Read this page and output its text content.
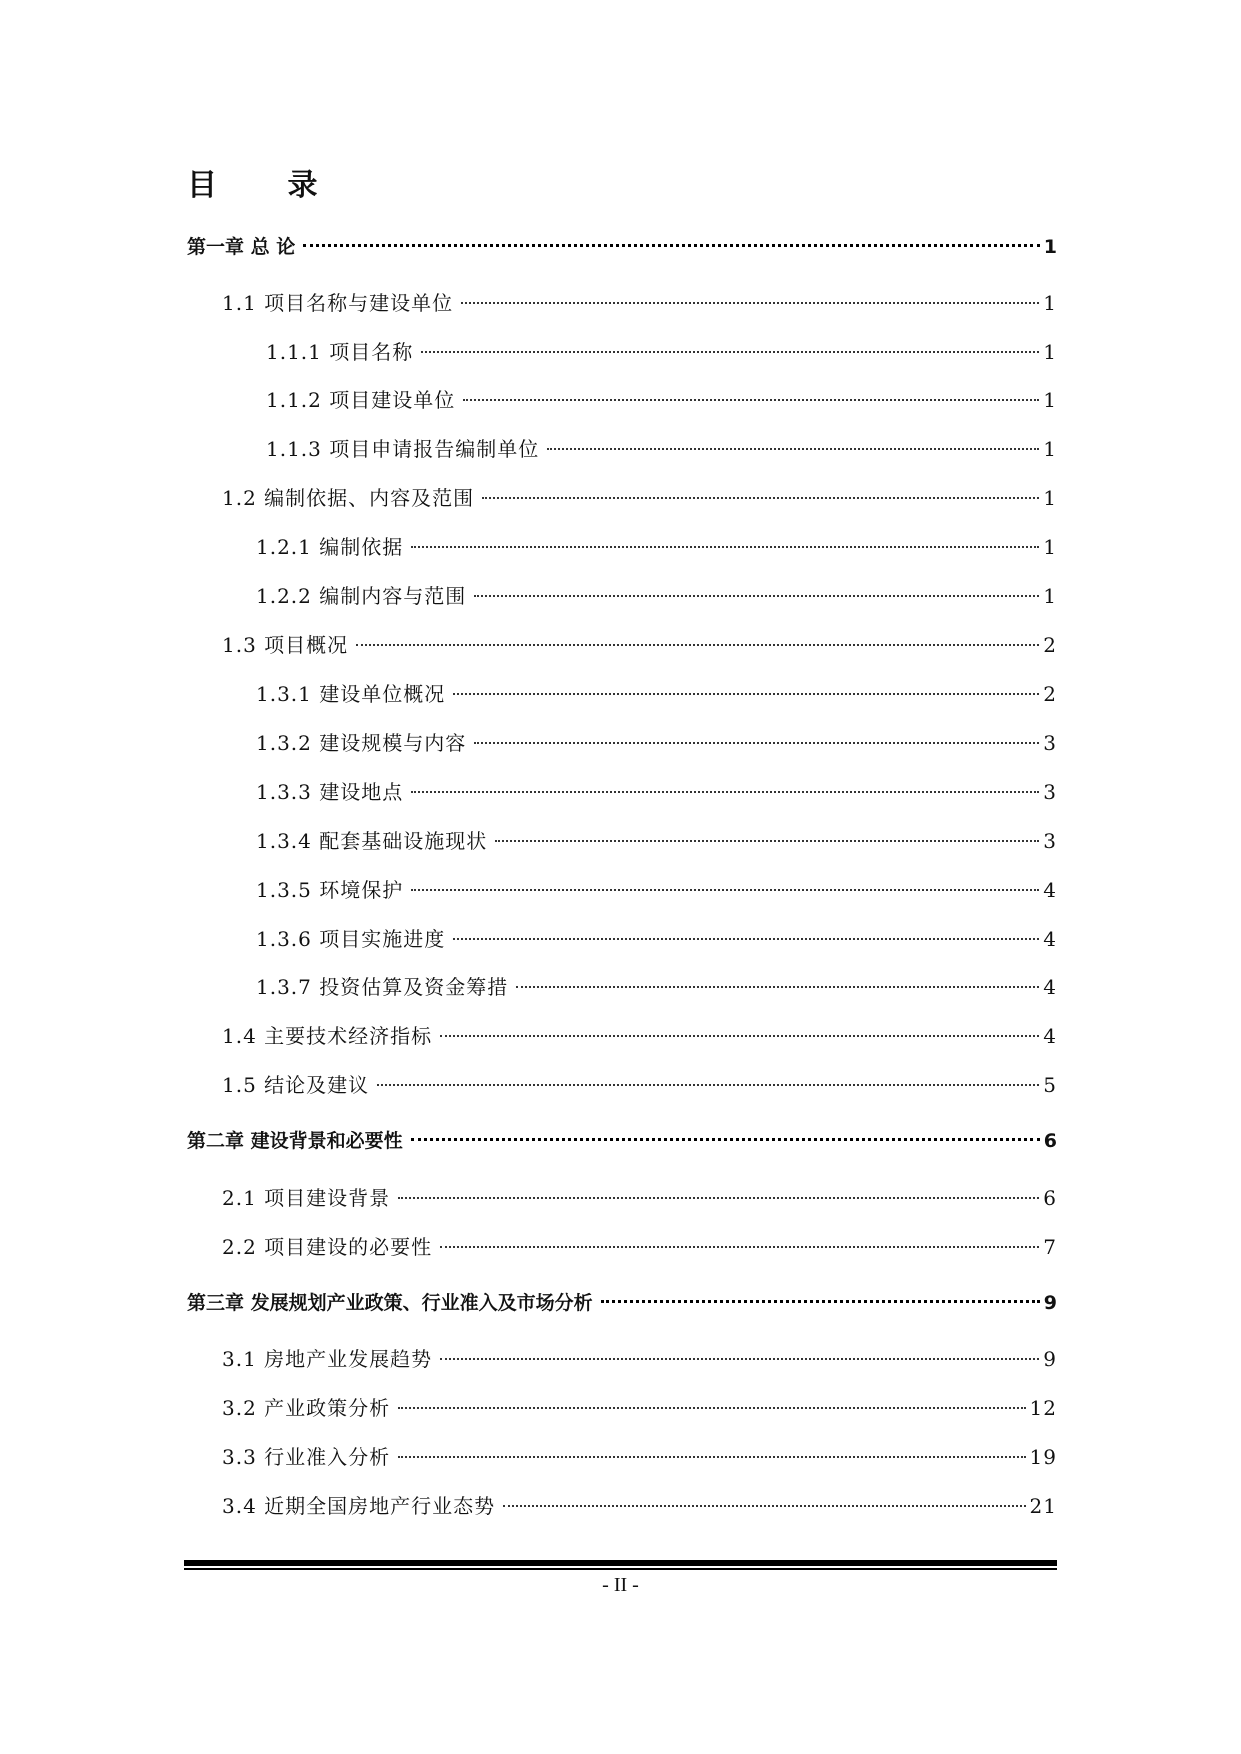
目 录
第一章 总 论	1
1.1 项目名称与建设单位	1
1.1.1 项目名称	1
1.1.2 项目建设单位	1
1.1.3 项目申请报告编制单位	1
1.2 编制依据、内容及范围	1
1.2.1 编制依据	1
1.2.2 编制内容与范围	1
1.3 项目概况	2
1.3.1 建设单位概况	2
1.3.2 建设规模与内容	3
1.3.3 建设地点	3
1.3.4 配套基础设施现状	3
1.3.5 环境保护	4
1.3.6 项目实施进度	4
1.3.7 投资估算及资金筹措	4
1.4 主要技术经济指标	4
1.5 结论及建议	5
第二章 建设背景和必要性	6
2.1 项目建设背景	6
2.2 项目建设的必要性	7
第三章 发展规划产业政策、行业准入及市场分析	9
3.1 房地产业发展趋势	9
3.2 产业政策分析	12
3.3 行业准入分析	19
3.4 近期全国房地产行业态势	21
- II -
